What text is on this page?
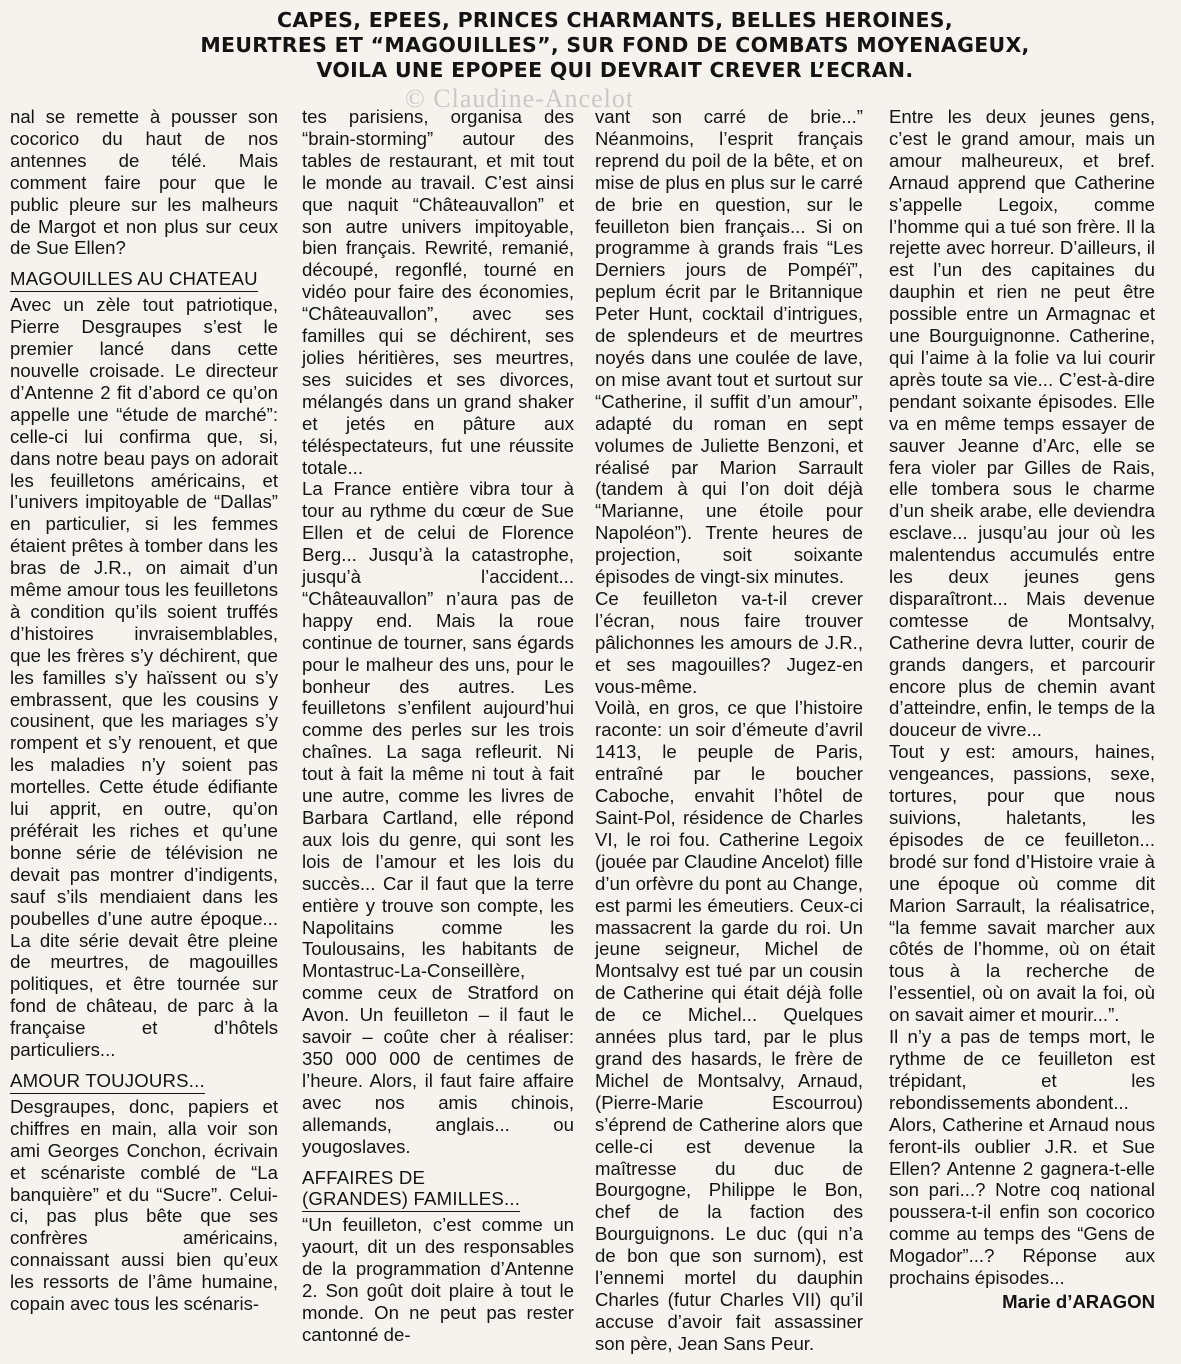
CAPES, EPEES, PRINCES CHARMANTS, BELLES HEROINES,
MEURTRES ET “MAGOUILLES”, SUR FOND DE COMBATS MOYENAGEUX,
VOILA UNE EPOPEE QUI DEVRAIT CREVER L’ECRAN.
© Claudine-Ancelot

nal se remette à pousser son cocorico du haut de nos antennes de télé. Mais comment faire pour que le public pleure sur les malheurs de Margot et non plus sur ceux de Sue Ellen?

MAGOUILLES AU CHATEAU

Avec un zèle tout patriotique, Pierre Desgraupes s’est le premier lancé dans cette nouvelle croisade. Le directeur d’Antenne 2 fit d’abord ce qu’on appelle une “étude de marché”: celle-ci lui confirma que, si, dans notre beau pays on adorait les feuilletons américains, et l’univers impitoyable de “Dallas” en particulier, si les femmes étaient prêtes à tomber dans les bras de J.R., on aimait d’un même amour tous les feuilletons à condition qu’ils soient truffés d’histoires invraisemblables, que les frères s’y déchirent, que les familles s’y haïssent ou s’y embrassent, que les cousins y cousinent, que les mariages s’y rompent et s’y renouent, et que les maladies n’y soient pas mortelles. Cette étude édifiante lui apprit, en outre, qu’on préférait les riches et qu’une bonne série de télévision ne devait pas montrer d’indigents, sauf s’ils mendiaient dans les poubelles d’une autre époque... La dite série devait être pleine de meurtres, de magouilles politiques, et être tournée sur fond de château, de parc à la française et d’hôtels particuliers...

AMOUR TOUJOURS...

Desgraupes, donc, papiers et chiffres en main, alla voir son ami Georges Conchon, écrivain et scénariste comblé de “La banquière” et du “Sucre”. Celui-ci, pas plus bête que ses confrères américains, connaissant aussi bien qu’eux les ressorts de l’âme humaine, copain avec tous les scénaris-

tes parisiens, organisa des “brain-storming” autour des tables de restaurant, et mit tout le monde au travail. C’est ainsi que naquit “Châteauvallon” et son autre univers impitoyable, bien français. Rewrité, remanié, découpé, regonflé, tourné en vidéo pour faire des économies, “Châteauvallon”, avec ses familles qui se déchirent, ses jolies héritières, ses meurtres, ses suicides et ses divorces, mélangés dans un grand shaker et jetés en pâture aux téléspectateurs, fut une réussite totale...

La France entière vibra tour à tour au rythme du cœur de Sue Ellen et de celui de Florence Berg... Jusqu’à la catastrophe, jusqu’à l’accident... “Châteauvallon” n’aura pas de happy end. Mais la roue continue de tourner, sans égards pour le malheur des uns, pour le bonheur des autres. Les feuilletons s’enfilent aujourd’hui comme des perles sur les trois chaînes. La saga refleurit. Ni tout à fait la même ni tout à fait une autre, comme les livres de Barbara Cartland, elle répond aux lois du genre, qui sont les lois de l’amour et les lois du succès... Car il faut que la terre entière y trouve son compte, les Napolitains comme les Toulousains, les habitants de Montastruc-La-Conseillère, comme ceux de Stratford on Avon. Un feuilleton – il faut le savoir – coûte cher à réaliser: 350 000 000 de centimes de l’heure. Alors, il faut faire affaire avec nos amis chinois, allemands, anglais... ou yougoslaves.

AFFAIRES DE
(GRANDES) FAMILLES...

“Un feuilleton, c’est comme un yaourt, dit un des responsables de la programmation d’Antenne 2. Son goût doit plaire à tout le monde. On ne peut pas rester cantonné de-

vant son carré de brie...” Néanmoins, l’esprit français reprend du poil de la bête, et on mise de plus en plus sur le carré de brie en question, sur le feuilleton bien français... Si on programme à grands frais “Les Derniers jours de Pompéï”, peplum écrit par le Britannique Peter Hunt, cocktail d’intrigues, de splendeurs et de meurtres noyés dans une coulée de lave, on mise avant tout et surtout sur “Catherine, il suffit d’un amour”, adapté du roman en sept volumes de Juliette Benzoni, et réalisé par Marion Sarrault (tandem à qui l’on doit déjà “Marianne, une étoile pour Napoléon”). Trente heures de projection, soit soixante épisodes de vingt-six minutes.

Ce feuilleton va-t-il crever l’écran, nous faire trouver pâlichonnes les amours de J.R., et ses magouilles? Jugez-en vous-même.

Voilà, en gros, ce que l’histoire raconte: un soir d’émeute d’avril 1413, le peuple de Paris, entraîné par le boucher Caboche, envahit l’hôtel de Saint-Pol, résidence de Charles VI, le roi fou. Catherine Legoix (jouée par Claudine Ancelot) fille d’un orfèvre du pont au Change, est parmi les émeutiers. Ceux-ci massacrent la garde du roi. Un jeune seigneur, Michel de Montsalvy est tué par un cousin de Catherine qui était déjà folle de ce Michel... Quelques années plus tard, par le plus grand des hasards, le frère de Michel de Montsalvy, Arnaud, (Pierre-Marie Escourrou) s’éprend de Catherine alors que celle-ci est devenue la maîtresse du duc de Bourgogne, Philippe le Bon, chef de la faction des Bourguignons. Le duc (qui n’a de bon que son surnom), est l’ennemi mortel du dauphin Charles (futur Charles VII) qu’il accuse d’avoir fait assassiner son père, Jean Sans Peur.

Entre les deux jeunes gens, c’est le grand amour, mais un amour malheureux, et bref. Arnaud apprend que Catherine s’appelle Legoix, comme l’homme qui a tué son frère. Il la rejette avec horreur. D’ailleurs, il est l’un des capitaines du dauphin et rien ne peut être possible entre un Armagnac et une Bourguignonne. Catherine, qui l’aime à la folie va lui courir après toute sa vie... C’est-à-dire pendant soixante épisodes. Elle va en même temps essayer de sauver Jeanne d’Arc, elle se fera violer par Gilles de Rais, elle tombera sous le charme d’un sheik arabe, elle deviendra esclave... jusqu’au jour où les malentendus accumulés entre les deux jeunes gens disparaîtront... Mais devenue comtesse de Montsalvy, Catherine devra lutter, courir de grands dangers, et parcourir encore plus de chemin avant d’atteindre, enfin, le temps de la douceur de vivre...

Tout y est: amours, haines, vengeances, passions, sexe, tortures, pour que nous suivions, haletants, les épisodes de ce feuilleton... brodé sur fond d’Histoire vraie à une époque où comme dit Marion Sarrault, la réalisatrice, “la femme savait marcher aux côtés de l’homme, où on était tous à la recherche de l’essentiel, où on avait la foi, où on savait aimer et mourir...”.

Il n’y a pas de temps mort, le rythme de ce feuilleton est trépidant, et les rebondissements abondent...

Alors, Catherine et Arnaud nous feront-ils oublier J.R. et Sue Ellen? Antenne 2 gagnera-t-elle son pari...? Notre coq national poussera-t-il enfin son cocorico comme au temps des “Gens de Mogador”...? Réponse aux prochains épisodes...

Marie d’ARAGON
